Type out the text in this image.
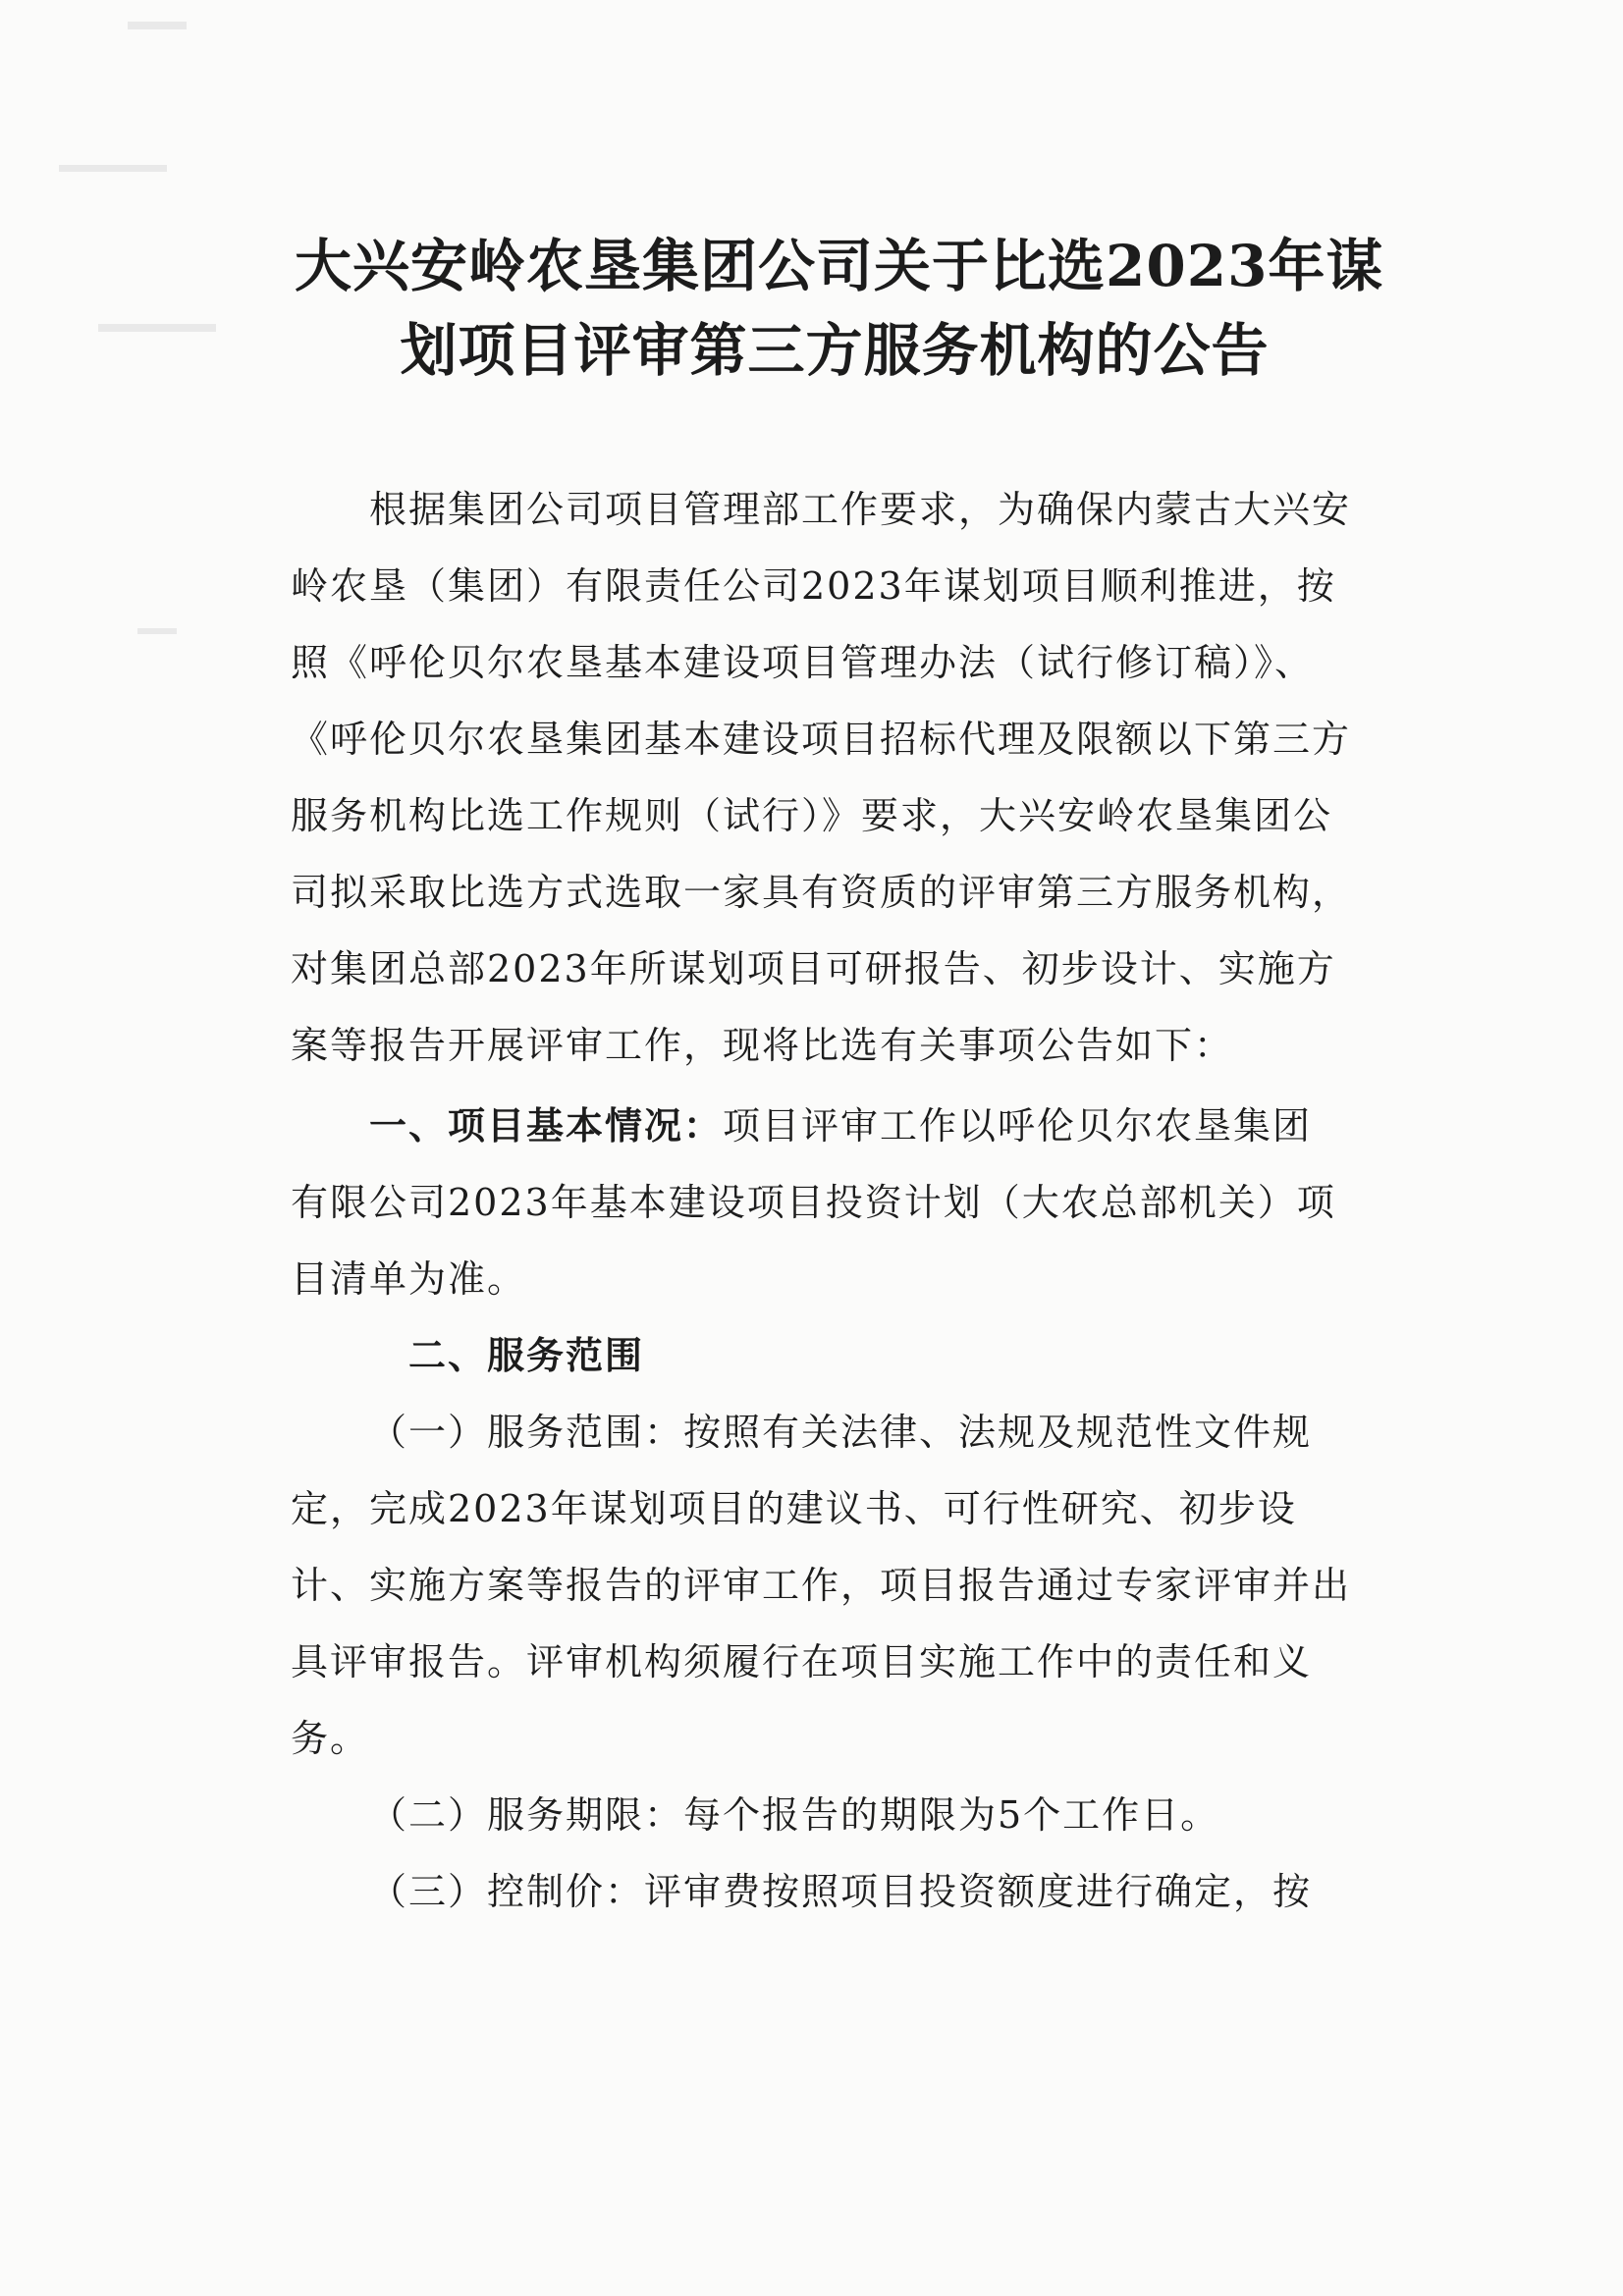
大兴安岭农垦集团公司关于比选2023年谋
划项目评审第三方服务机构的公告

根据集团公司项目管理部工作要求，为确保内蒙古大兴安岭农垦（集团）有限责任公司2023年谋划项目顺利推进，按照《呼伦贝尔农垦基本建设项目管理办法（试行修订稿）》、《呼伦贝尔农垦集团基本建设项目招标代理及限额以下第三方服务机构比选工作规则（试行）》要求，大兴安岭农垦集团公司拟采取比选方式选取一家具有资质的评审第三方服务机构，对集团总部2023年所谋划项目可研报告、初步设计、实施方案等报告开展评审工作，现将比选有关事项公告如下：

一、项目基本情况：项目评审工作以呼伦贝尔农垦集团有限公司2023年基本建设项目投资计划（大农总部机关）项目清单为准。

二、服务范围

（一）服务范围：按照有关法律、法规及规范性文件规定，完成2023年谋划项目的建议书、可行性研究、初步设计、实施方案等报告的评审工作，项目报告通过专家评审并出具评审报告。评审机构须履行在项目实施工作中的责任和义务。

（二）服务期限：每个报告的期限为5个工作日。

（三）控制价：评审费按照项目投资额度进行确定，按
